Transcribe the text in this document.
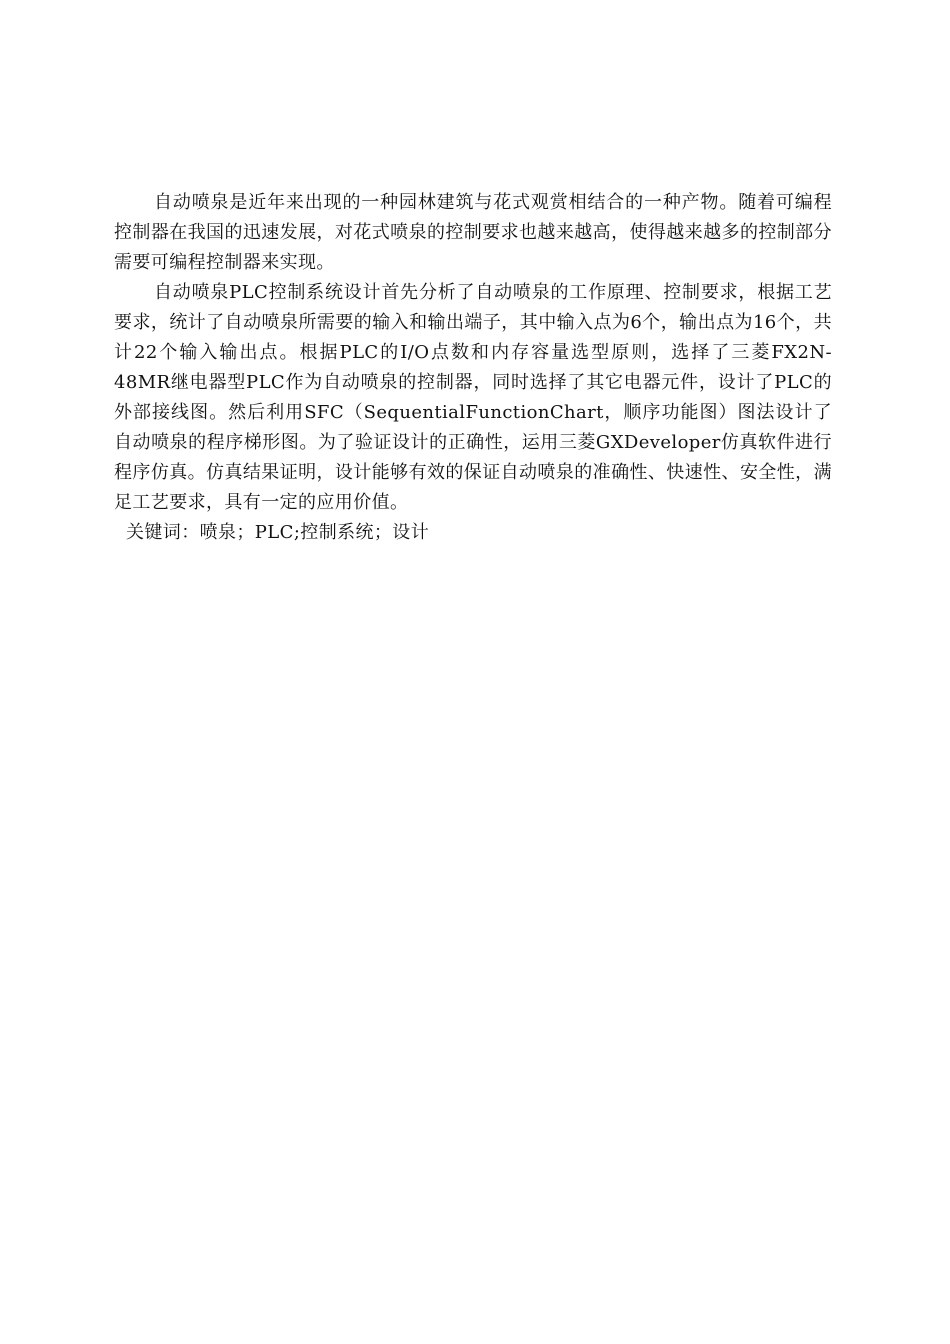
自动喷泉是近年来出现的一种园林建筑与花式观赏相结合的一种产物。随着可编程控制器在我国的迅速发展，对花式喷泉的控制要求也越来越高，使得越来越多的控制部分需要可编程控制器来实现。

自动喷泉PLC控制系统设计首先分析了自动喷泉的工作原理、控制要求，根据工艺要求，统计了自动喷泉所需要的输入和输出端子，其中输入点为6个，输出点为16个，共计22个输入输出点。根据PLC的I/O点数和内存容量选型原则，选择了三菱FX2N-48MR继电器型PLC作为自动喷泉的控制器，同时选择了其它电器元件，设计了PLC的外部接线图。然后利用SFC（SequentialFunctionChart，顺序功能图）图法设计了自动喷泉的程序梯形图。为了验证设计的正确性，运用三菱GXDeveloper仿真软件进行程序仿真。仿真结果证明，设计能够有效的保证自动喷泉的准确性、快速性、安全性，满足工艺要求，具有一定的应用价值。

关键词：喷泉；PLC;控制系统；设计
